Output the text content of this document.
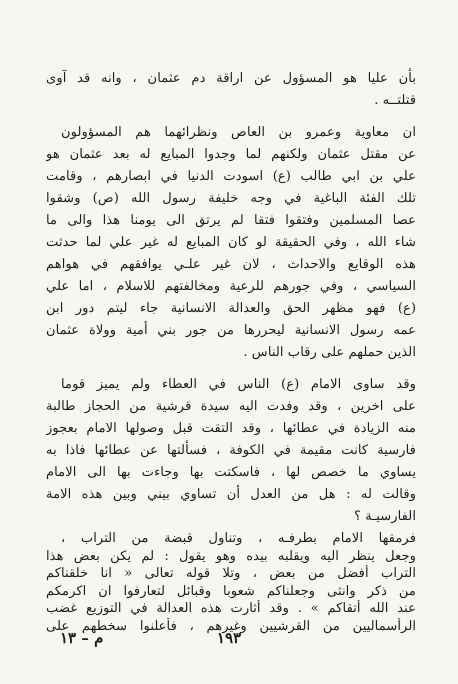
بأن عليا هو المسؤول عن اراقة دم عثمان ، وانه قد آوى
قتلتــه .
ان معاوية وعمرو بن العاص ونظرائهما هم المسؤولون
عن مقتل عثمان ولكنهم لما وجدوا المبايع له بعد عثمان هو
علي بن ابي طالب (ع) اسودت الدنيا في ابصارهم ، وقامت
تلك الفئة الباغية في وجه خليفة رسول الله (ص) وشقوا
عصا المسلمين وفتقوا فتقا لم يرتق الى يومنا هذا والى ما
شاء الله ، وفي الحقيقة لو كان المبايع له غير علي لما حدثت
هذه الوقايع والاحداث ، لان غير علـي يوافقهم في هواهم
السياسي ، وفي جورهم للرعية ومخالفتهم للاسلام ، اما علي
(ع) فهو مظهر الحق والعدالة الانسانية جاء ليتم دور ابن
عمه رسول الانسانية ليحررها من جور بني أمية وولاة عثمان
الذين حملهم على رقاب الناس .
وقد ساوى الامام (ع) الناس في العطاء ولم يميز قوما
على اخرين ، وقد وفدت اليه سيدة قرشية من الحجاز طالبة
منه الزيادة في عطائها ، وقد التقت قبل وصولها الامام بعجوز
فارسية كانت مقيمة في الكوفة ، فسألتها عن عطائها فاذا به
يساوي ما خصص لها ، فاسكتت بها وجاءت بها الى الامام
وقالت له : هل من العدل أن تساوي بيني وبين هذه الامة
الفارسيـة ؟
١٩٣
م – ١٣
فرمقها الامام بطرفـه ، وتناول قبضة من التراب ،
وجعل ينظر اليه ويقلبه بيده وهو يقول : لم يكن بعض هذا
التراب أفضل من بعض ، وتلا قوله تعالى « انا خلقناكم
من ذكر وانثى وجعلناكم شعوبا وقبائل لتعارفوا ان اكرمكم
عند الله أتقاكم » . وقد أثارت هذه العدالة في التوزيع غضب
الرأسماليين من القرشيين وغيرهم ، فأعلنوا سخطهم على
